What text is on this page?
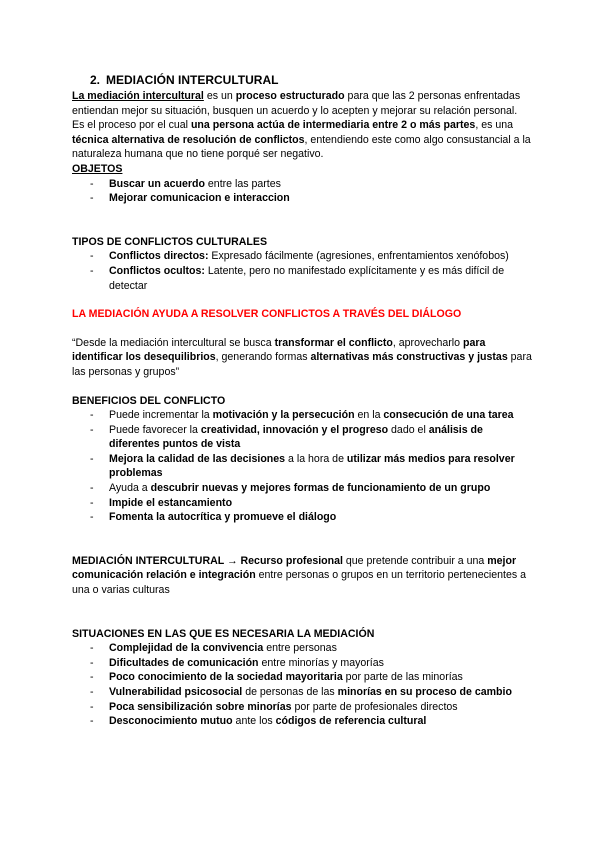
2. MEDIACIÓN INTERCULTURAL

La mediación intercultural es un proceso estructurado para que las 2 personas enfrentadas entiendan mejor su situación, busquen un acuerdo y lo acepten y mejorar su relación personal.

Es el proceso por el cual una persona actúa de intermediaria entre 2 o más partes, es una técnica alternativa de resolución de conflictos, entendiendo este como algo consustancial a la naturaleza humana que no tiene porqué ser negativo.

OBJETOS
- Buscar un acuerdo entre las partes
- Mejorar comunicacion e interaccion
TIPOS DE CONFLICTOS CULTURALES
- Conflictos directos: Expresado fácilmente (agresiones, enfrentamientos xenófobos)
- Conflictos ocultos: Latente, pero no manifestado explícitamente y es más difícil de detectar
LA MEDIACIÓN AYUDA A RESOLVER CONFLICTOS A TRAVÉS DEL DIÁLOGO

“Desde la mediación intercultural se busca transformar el conflicto, aprovecharlo para identificar los desequilibrios, generando formas alternativas más constructivas y justas para las personas y grupos”

BENEFICIOS DEL CONFLICTO
- Puede incrementar la motivación y la persecución en la consecución de una tarea
- Puede favorecer la creatividad, innovación y el progreso dado el análisis de diferentes puntos de vista
- Mejora la calidad de las decisiones a la hora de utilizar más medios para resolver problemas
- Ayuda a descubrir nuevas y mejores formas de funcionamiento de un grupo
- Impide el estancamiento
- Fomenta la autocrítica y promueve el diálogo

MEDIACIÓN INTERCULTURAL → Recurso profesional que pretende contribuir a una mejor comunicación relación e integración entre personas o grupos en un territorio pertenecientes a una o varias culturas

SITUACIONES EN LAS QUE ES NECESARIA LA MEDIACIÓN
- Complejidad de la convivencia entre personas
- Dificultades de comunicación entre minorías y mayorías
- Poco conocimiento de la sociedad mayoritaria por parte de las minorías
- Vulnerabilidad psicosocial de personas de las minorías en su proceso de cambio
- Poca sensibilización sobre minorías por parte de profesionales directos
- Desconocimiento mutuo ante los códigos de referencia cultural
